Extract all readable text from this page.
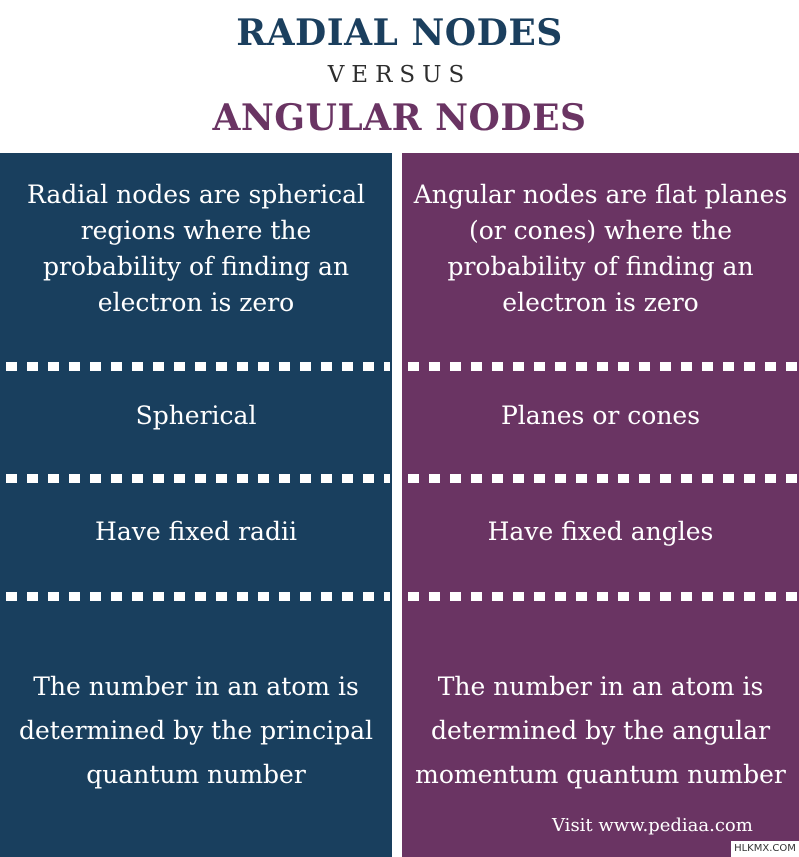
RADIAL NODES
VERSUS
ANGULAR NODES
Radial nodes are spherical regions where the probability of finding an electron is zero
Spherical
Have fixed radii
The number in an atom is determined by the principal quantum number
Angular nodes are flat planes (or cones) where the probability of finding an electron is zero
Planes or cones
Have fixed angles
The number in an atom is determined by the angular momentum quantum number
Visit www.pediaa.com
HLKMX.COM
